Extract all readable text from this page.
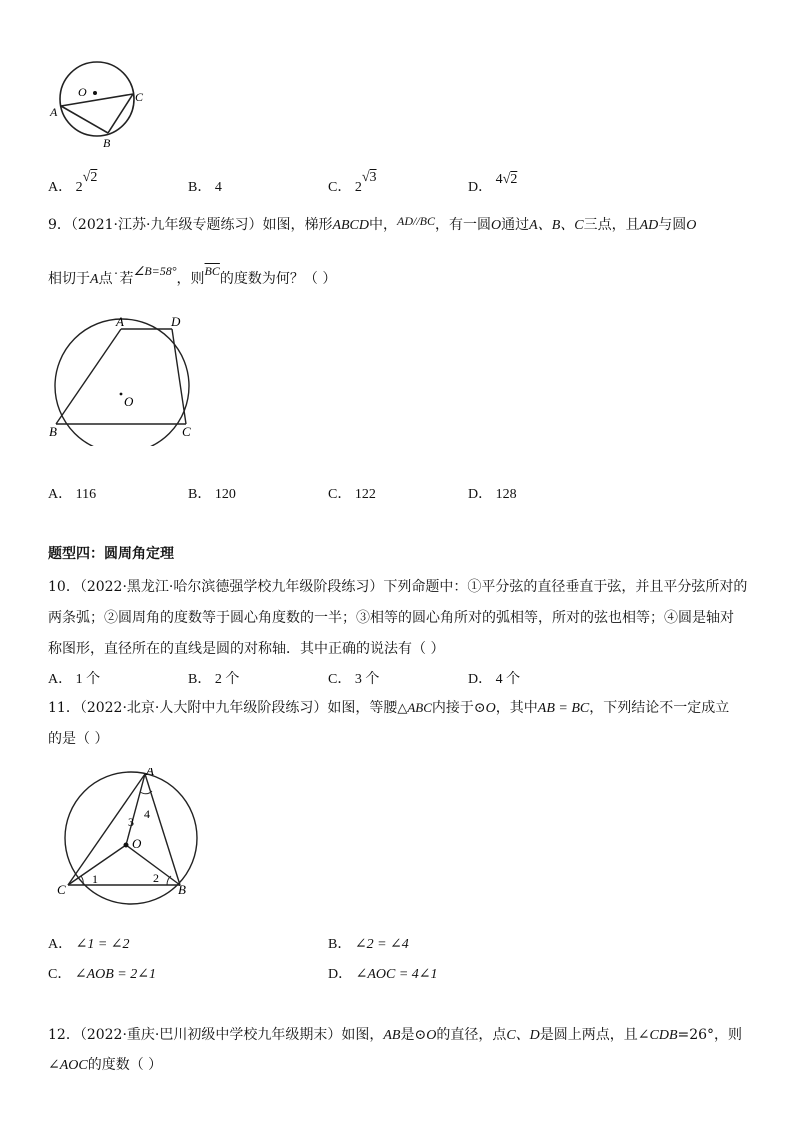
O
A
C
B
A． 2√2
B． 4	C． 2√3
D． 4√2
9．（2021·江苏·九年级专题练习）如图，梯形ABCD中，AD//BC，有一圆O通过A、B、C三点，且AD与圆O
相切于A点˙若∠B=58°，则$\overline{BC}$的度数为何？（ ）
A	D
O
B	C
A． 116	B． 120	C． 122	D． 128
题型四：圆周角定理
10．（2022·黑龙江·哈尔滨德强学校九年级阶段练习）下列命题中：①平分弦的直径垂直于弦，并且平分弦所对的
两条弧；②圆周角的度数等于圆心角度数的一半；③相等的圆心角所对的弧相等，所对的弦也相等；④圆是轴对
称图形，直径所在的直线是圆的对称轴．其中正确的说法有（ ）
A． 1 个	B． 2 个	C． 3 个	D． 4 个
11．（2022·北京·人大附中九年级阶段练习）如图，等腰△ABC内接于⊙O，其中AB = BC，下列结论不一定成立
的是（ ）
A
4
3
O
1	2
C	B
A． ∠1 = ∠2	B． ∠2 = ∠4
C． ∠AOB = 2∠1	D． ∠AOC = 4∠1
12．（2022·重庆·巴川初级中学校九年级期末）如图，AB是⊙O的直径，点C、D是圆上两点，且∠CDB=26°，则
∠AOC的度数（ ）
